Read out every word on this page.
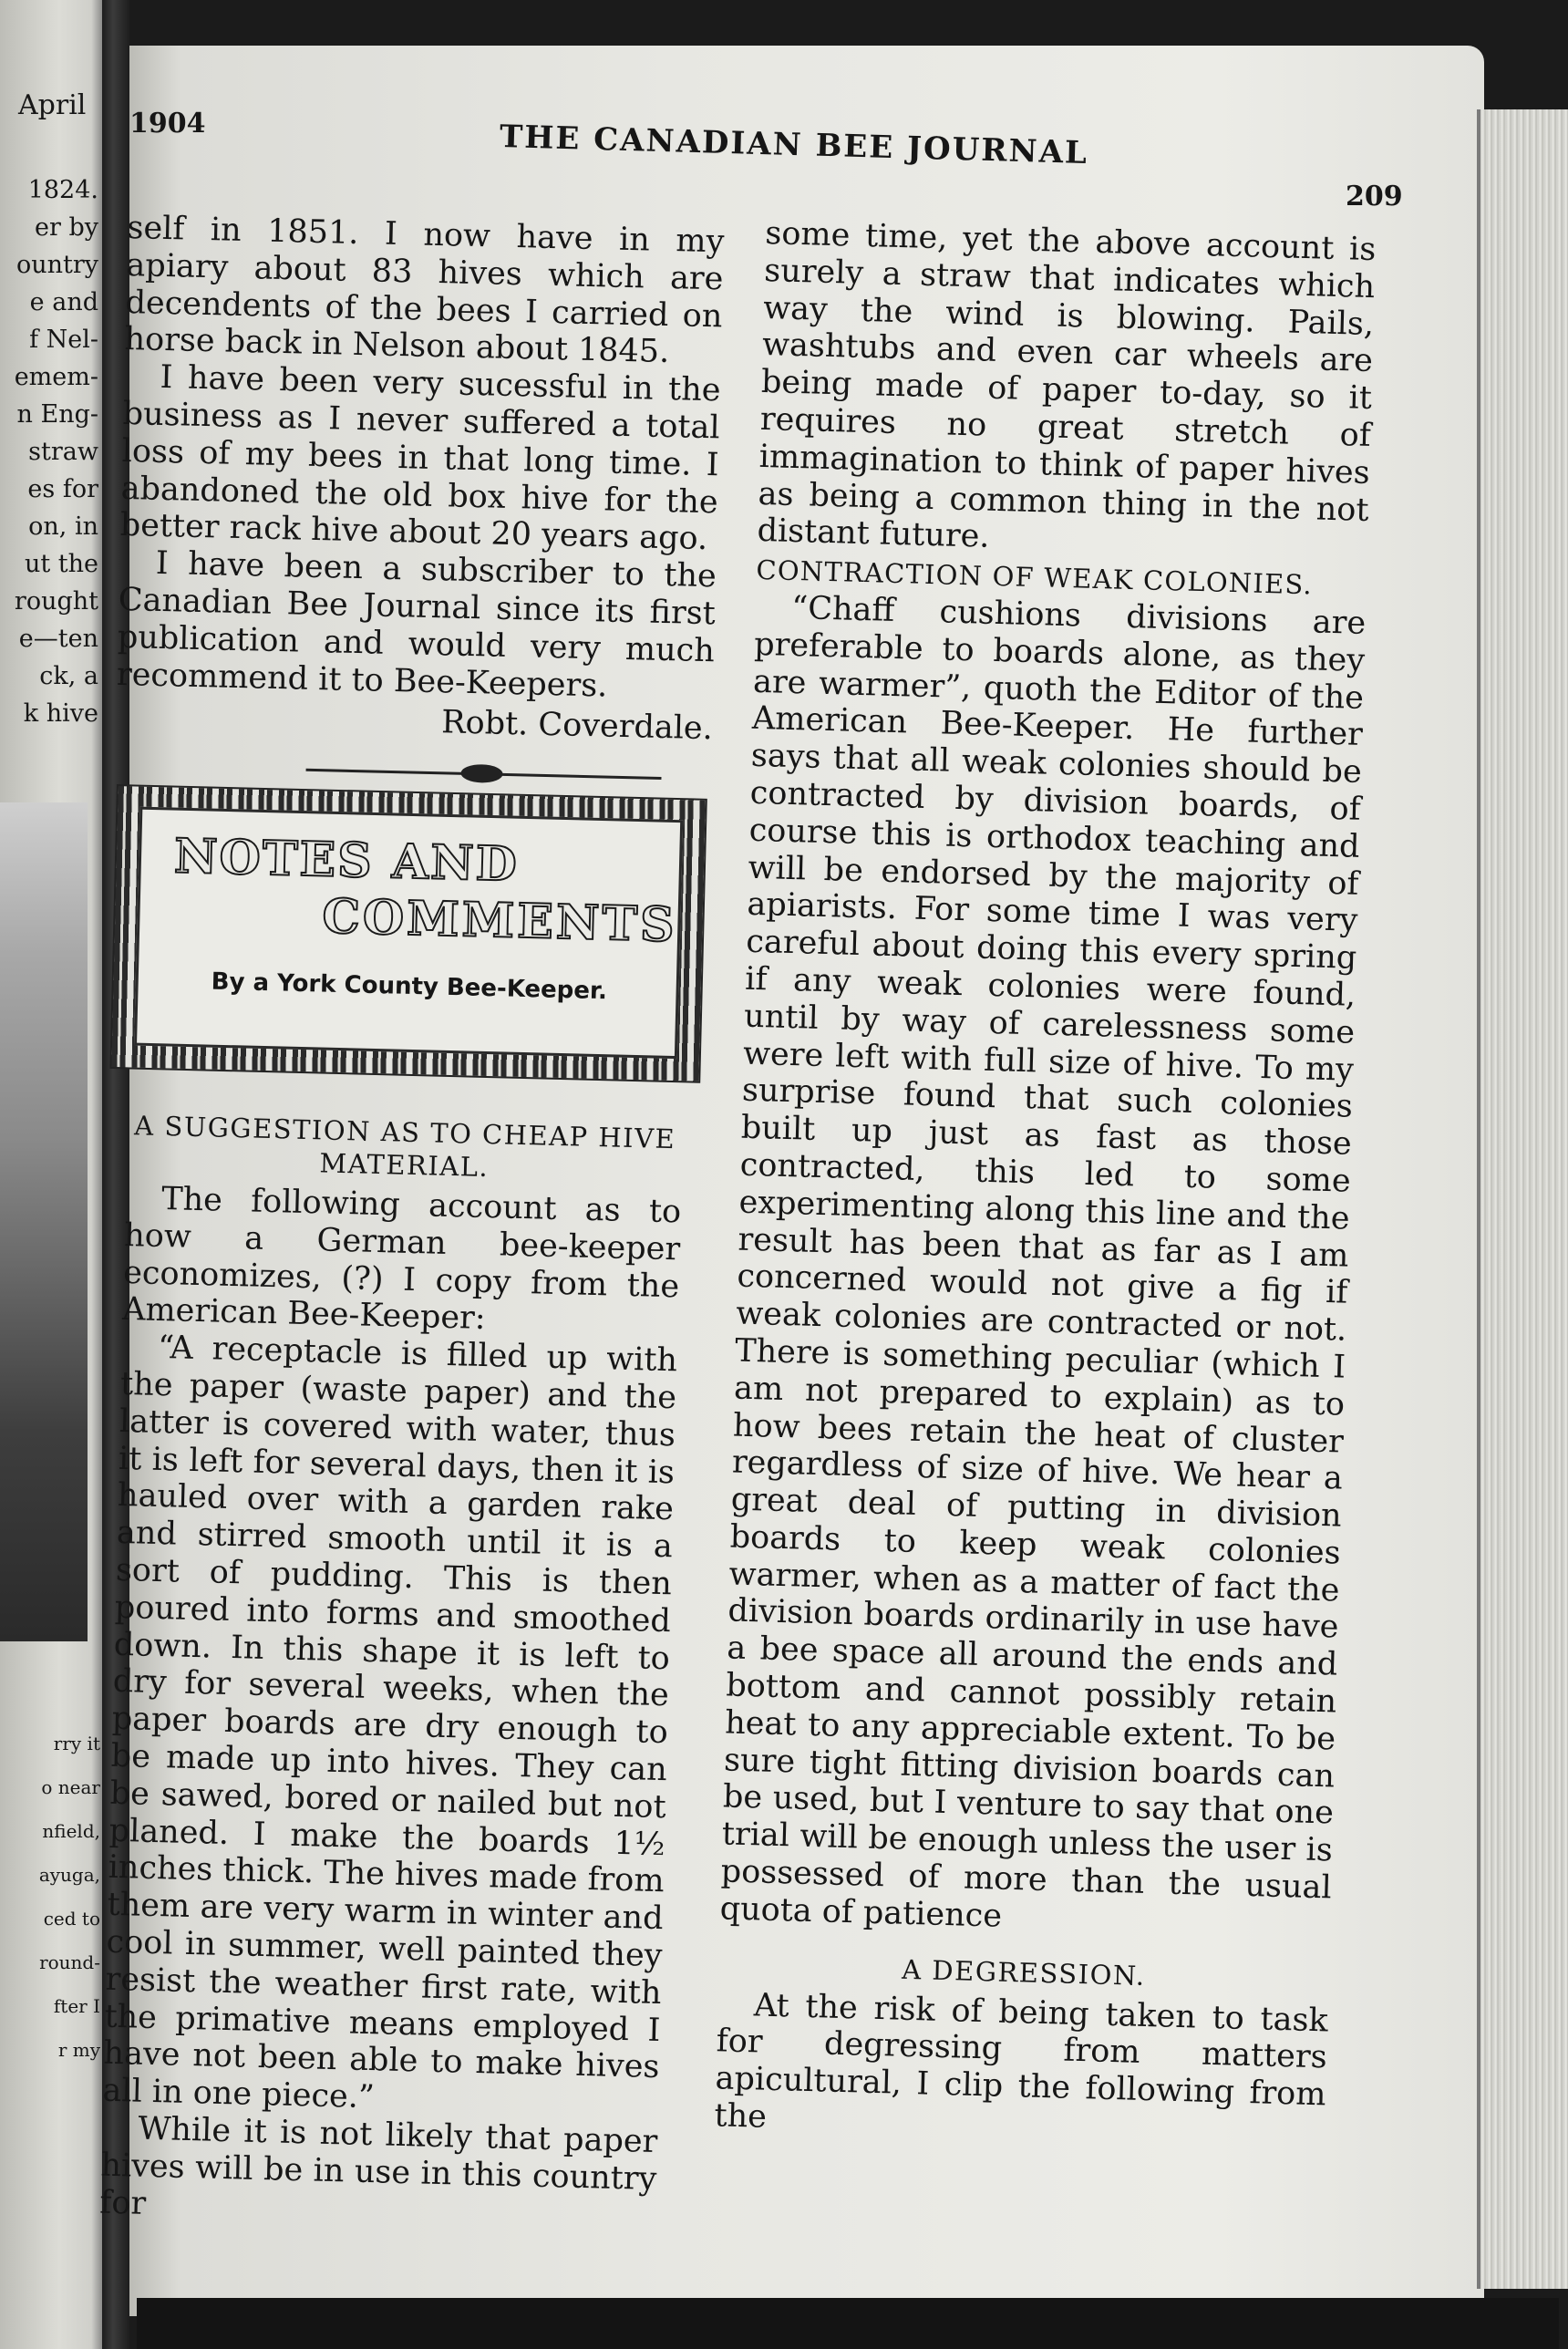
April
1824.
er by
ountry
e and
f Nel-
emem-
n Eng-
straw
es for
on, in
ut the
rought
e—ten
ck, a
k hive
rry it
o near
nfield,
ayuga,
ced to
round-
fter I
r my
1904	THE CANADIAN BEE JOURNAL
209

self in 1851. I now have in my apiary about 83 hives which are decendents of the bees I carried on horse back in Nelson about 1845.

I have been very sucessful in the business as I never suffered a total loss of my bees in that long time. I abandoned the old box hive for the better rack hive about 20 years ago.

I have been a subscriber to the Canadian Bee Journal since its first publication and would very much recommend it to Bee-Keepers.

Robt. Coverdale.

NOTES AND
COMMENTS
By a York County Bee-Keeper.

A SUGGESTION AS TO CHEAP HIVE MATERIAL.

The following account as to how a German bee-keeper economizes, (?) I copy from the American Bee-Keeper:

“A receptacle is filled up with the paper (waste paper) and the latter is covered with water, thus it is left for several days, then it is hauled over with a garden rake and stirred smooth until it is a sort of pudding. This is then poured into forms and smoothed down. In this shape it is left to dry for several weeks, when the paper boards are dry enough to be made up into hives. They can be sawed, bored or nailed but not planed. I make the boards 1½ inches thick. The hives made from them are very warm in winter and cool in summer, well painted they resist the weather first rate, with the primative means employed I have not been able to make hives all in one piece.”

While it is not likely that paper hives will be in use in this country for

some time, yet the above account is surely a straw that indicates which way the wind is blowing. Pails, washtubs and even car wheels are being made of paper to-day, so it requires no great stretch of immagination to think of paper hives as being a common thing in the not distant future.

CONTRACTION OF WEAK COLONIES.

“Chaff cushions divisions are preferable to boards alone, as they are warmer”, quoth the Editor of the American Bee-Keeper. He further says that all weak colonies should be contracted by division boards, of course this is orthodox teaching and will be endorsed by the majority of apiarists. For some time I was very careful about doing this every spring if any weak colonies were found, until by way of carelessness some were left with full size of hive. To my surprise found that such colonies built up just as fast as those contracted, this led to some experimenting along this line and the result has been that as far as I am concerned would not give a fig if weak colonies are contracted or not. There is something peculiar (which I am not prepared to explain) as to how bees retain the heat of cluster regardless of size of hive. We hear a great deal of putting in division boards to keep weak colonies warmer, when as a matter of fact the division boards ordinarily in use have a bee space all around the ends and bottom and cannot possibly retain heat to any appreciable extent. To be sure tight fitting division boards can be used, but I venture to say that one trial will be enough unless the user is possessed of more than the usual quota of patience

A DEGRESSION.

At the risk of being taken to task for degressing from matters apicultural, I clip the following from the
